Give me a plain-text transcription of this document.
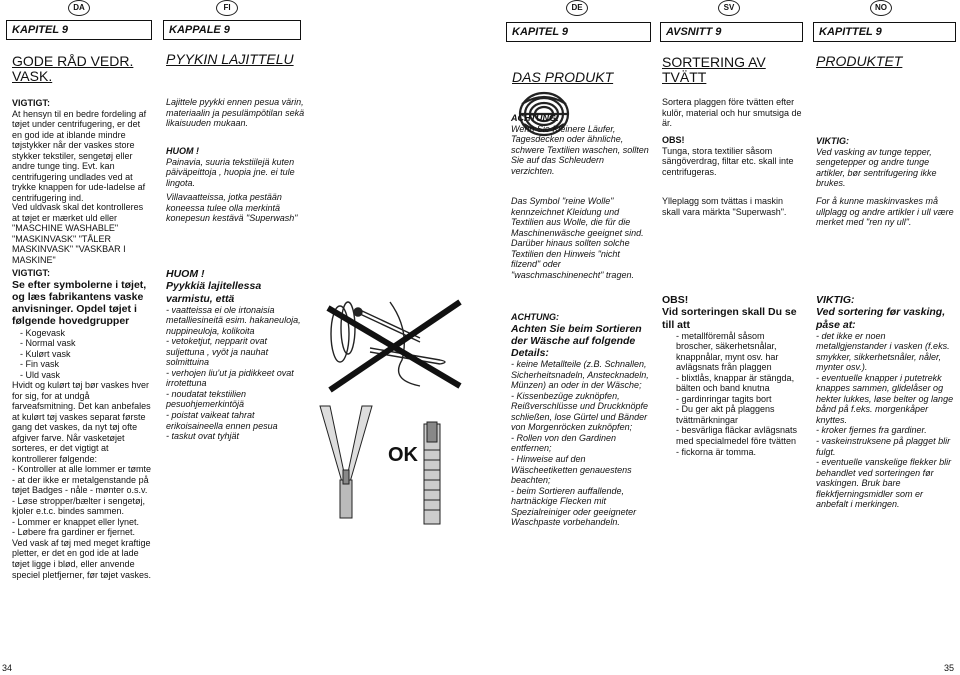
DA	FI
KAPITEL 9	KAPPALE 9
GODE RÅD VEDR. VASK.
PYYKIN LAJITTELU
VIGTIGT:
At hensyn til en bedre fordeling af tøjet under centrifugering, er det en god ide at iblande mindre tøjstykker når der vaskes store stykker tekstiler, sengetøj eller andre tunge ting. Evt. kan centrifugering undlades ved at trykke knappen for ude-ladelse af centrifugering ind.
Ved uldvask skal det kontrolleres at tøjet er mærket uld eller "MASCHINE WASHABLE" "MASKINVASK" "TÅLER MASKINVASK" "VASKBAR I MASKINE"
VIGTIGT:
Se efter symbolerne i tøjet, og læs fabrikantens vaske anvisninger. Opdel tøjet i følgende hovedgrupper
- Kogevask
- Normal vask
- Kulørt vask
- Fin vask
- Uld vask
Hvidt og kulørt tøj bør vaskes hver for sig, for at undgå farveafsmitning. Det kan anbefales at kulørt tøj vaskes separat første gang det vaskes, da nyt tøj ofte afgiver farve. Når vasketøjet sorteres, er det vigtigt at kontrollerer følgende:
- Kontroller at alle lommer er tømte
- at der ikke er metalgenstande på tøjet Badges - nåle - mønter o.s.v.
- Løse stropper/bælter i sengetøj, kjoler e.t.c. bindes sammen.
- Lommer er knappet eller lynet.
- Løbere fra gardiner er fjernet.
Ved vask af tøj med meget kraftige pletter, er det en god ide at lade tøjet ligge i blød, eller anvende speciel pletfjerner, før tøjet vaskes.
Lajittele pyykki ennen pesua värin, materiaalin ja pesulämpötilan sekä likaisuuden mukaan.
HUOM !
Painavia, suuria tekstiilejä kuten päiväpeittoja , huopia jne. ei tule lingota.
Villavaatteissa, jotka pestään koneessa tulee olla merkintä konepesun kestävä "Superwash"
HUOM !
Pyykkiä lajitellessa varmistu, että
- vaatteissa ei ole irtonaisia metalliesineitä esim. hakaneuloja, nuppineuloja, kolikoita
- vetoketjut, nepparit ovat suljettuna , vyöt ja nauhat solmittuina
- verhojen liu'ut ja pidikkeet ovat irrotettuna
- noudatat tekstiilien pesuohjemerkintöjä
- poistat vaikeat tahrat erikoisaineella ennen pesua
- taskut ovat tyhjät
OK
34
DE	SV	NO
KAPITEL 9	AVSNITT 9	KAPITTEL 9
DAS PRODUKT
SORTERING AV TVÄTT
PRODUKTET
ACHTUNG:
Wenn Sie Kleinere Läufer, Tagesdecken oder ähnliche, schwere Textilien waschen, sollten Sie auf das Schleudern verzichten.
Das Symbol "reine Wolle" kennzeichnet Kleidung und Textilien aus Wolle, die für die Maschinenwäsche geeignet sind. Darüber hinaus sollten solche Textilien den Hinweis "nicht filzend" oder "waschmaschinenecht" tragen.
ACHTUNG:
Achten Sie beim Sortieren der Wäsche auf folgende Details:
- keine Metallteile (z.B. Schnallen, Sicherheitsnadeln, Anstecknadeln, Münzen) an oder in der Wäsche;
- Kissenbezüge zuknöpfen, Reißverschlüsse und Druckknöpfe schließen, lose Gürtel und Bänder von Morgenröcken zuknöpfen;
- Rollen von den Gardinen entfernen;
- Hinweise auf den Wäscheetiketten genauestens beachten;
- beim Sortieren auffallende, hartnäckige Flecken mit Spezialreiniger oder geeigneter Waschpaste vorbehandeln.
Sortera plaggen före tvätten efter kulör, material och hur smutsiga de är.
OBS!
Tunga, stora textilier såsom sängöverdrag, filtar etc. skall inte centrifugeras.
Ylleplagg som tvättas i maskin skall vara märkta "Superwash".
OBS!
Vid sorteringen skall Du se till att
- metallföremål såsom broscher, säkerhetsnålar, knappnålar, mynt osv. har avlägsnats från plaggen
- blixtlås, knappar är stängda, bälten och band knutna
- gardinringar tagits bort
- Du ger akt på plaggens tvättmärkningar
- besvärliga fläckar avlägsnats med specialmedel före tvätten
- fickorna är tomma.
VIKTIG:
Ved vasking av tunge tepper, sengetepper og andre tunge artikler, bør sentrifugering ikke brukes.
For å kunne maskinvaskes må ullplagg og andre artikler i ull være merket med "ren ny ull".
VIKTIG:
Ved sortering før vasking, påse at:
- det ikke er noen metallgjenstander i vasken (f.eks. smykker, sikkerhetsnåler, nåler, mynter osv.).
- eventuelle knapper i putetrekk knappes sammen, glidelåser og hekter lukkes, løse belter og lange bånd på f.eks. morgenkåper knyttes.
- kroker fjernes fra gardiner.
- vaskeinstruksene på plagget blir fulgt.
- eventuelle vanskelige flekker blir behandlet ved sorteringen før vaskingen. Bruk bare flekkfjerningsmidler som er anbefalt i merkingen.
35
